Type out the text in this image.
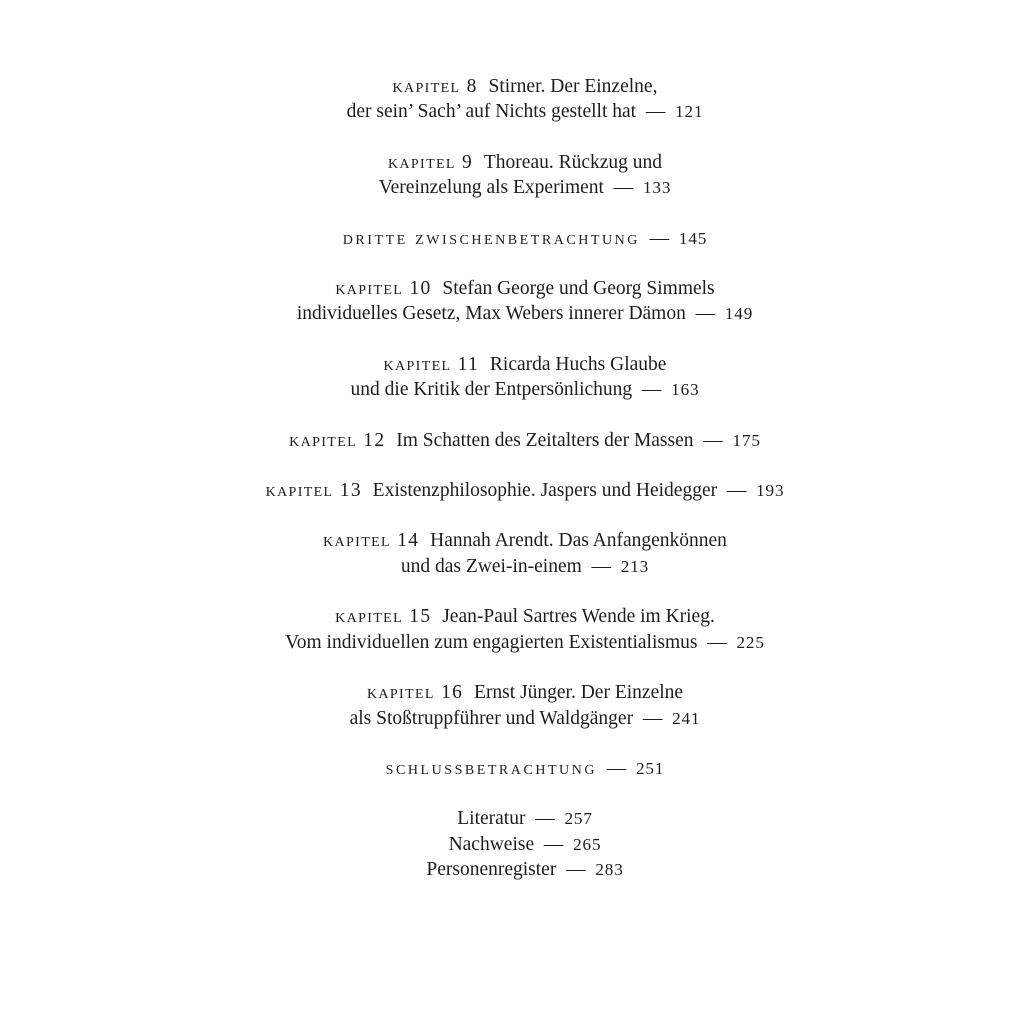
kapitel 8 Stirner. Der Einzelne,

der sein’ Sach’ auf Nichts gestellt hat — 121

kapitel 9 Thoreau. Rückzug und

Vereinzelung als Experiment — 133

dritte zwischenbetrachtung — 145

kapitel 10 Stefan George und Georg Simmels

individuelles Gesetz, Max Webers innerer Dämon — 149

kapitel 11 Ricarda Huchs Glaube

und die Kritik der Entpersönlichung — 163

kapitel 12 Im Schatten des Zeitalters der Massen — 175

kapitel 13 Existenzphilosophie. Jaspers und Heidegger — 193

kapitel 14 Hannah Arendt. Das Anfangenkönnen

und das Zwei-in-einem — 213

kapitel 15 Jean-Paul Sartres Wende im Krieg.

Vom individuellen zum engagierten Existentialismus — 225

kapitel 16 Ernst Jünger. Der Einzelne

als Stoßtruppführer und Waldgänger — 241

schlussbetrachtung — 251

Literatur — 257

Nachweise — 265

Personenregister — 283
